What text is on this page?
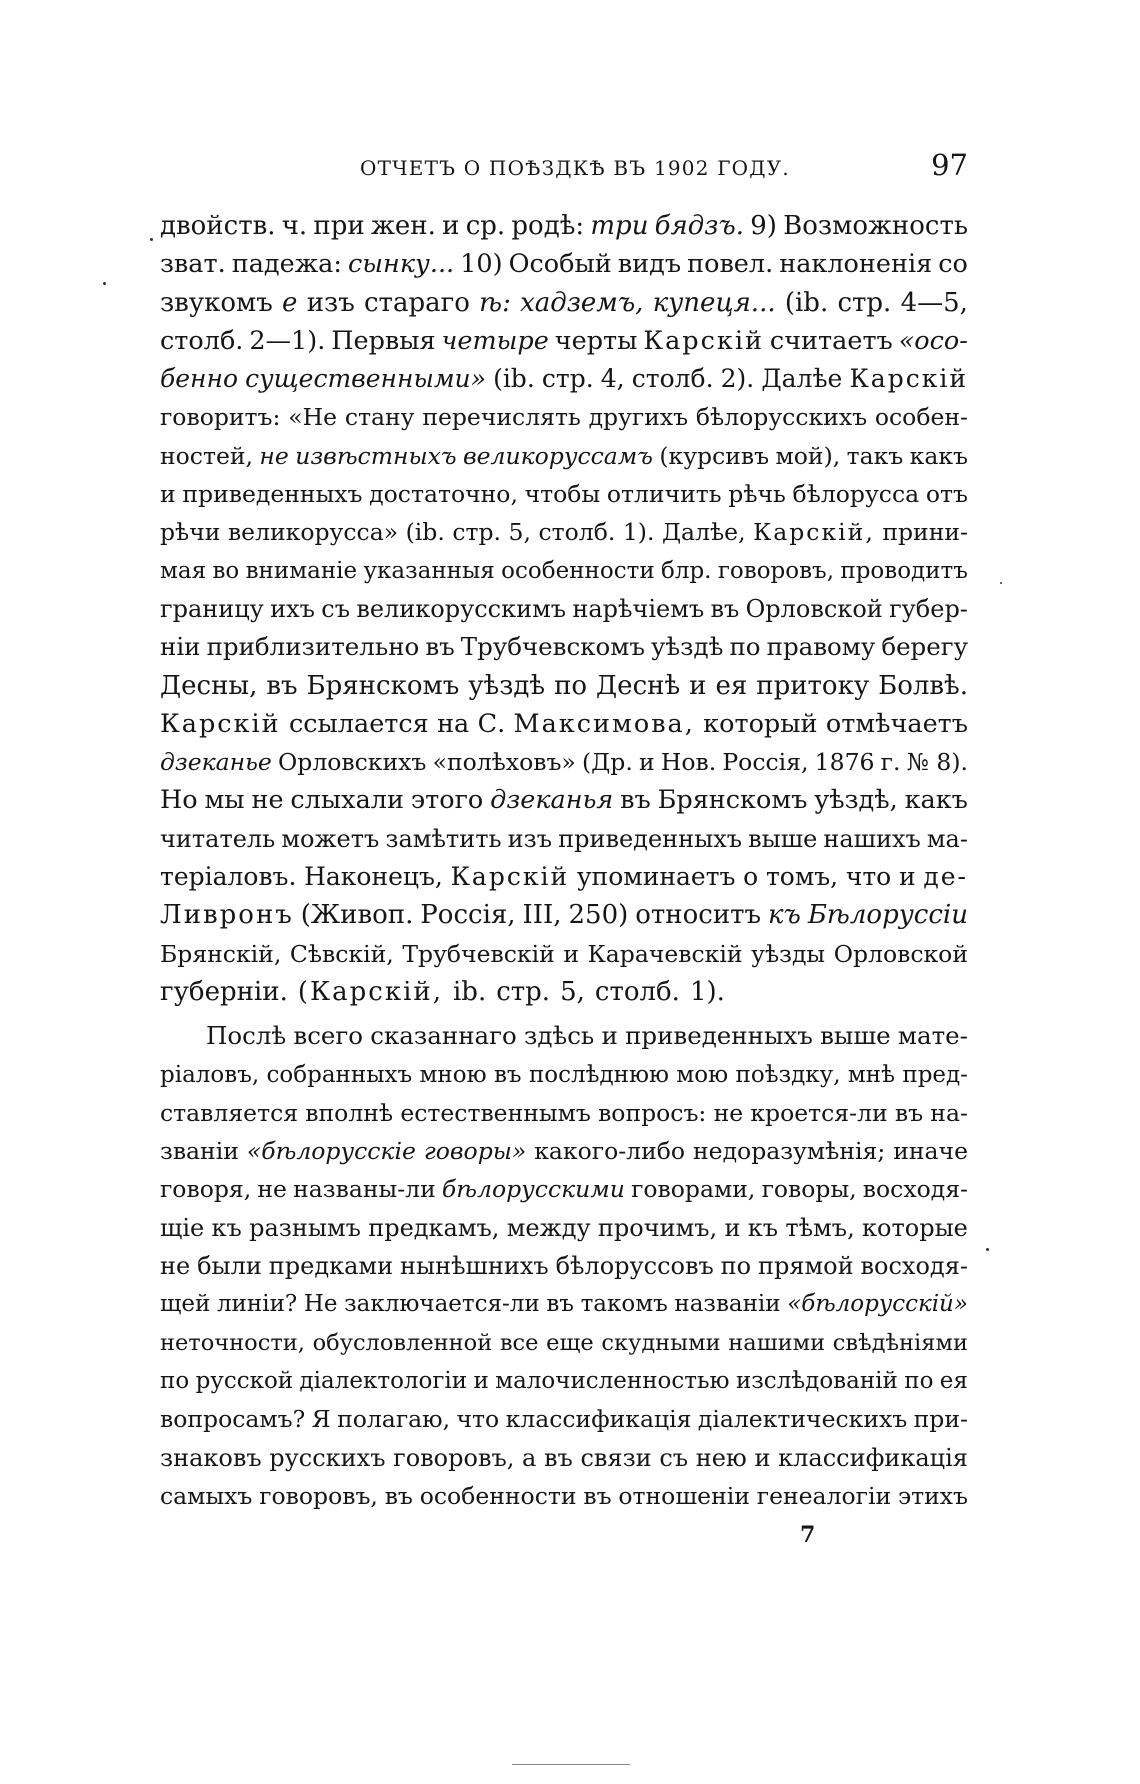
ОТЧЕТЪ О ПОѢЗДКѢ ВЪ 1902 ГОДУ.	97
двойств. ч. при жен. и ср. родѣ: три бядзъ. 9) Возможность
зват. падежа: сынку... 10) Особый видъ повел. наклоненія со
звукомъ е изъ стараго ѣ: хадземъ, купеця... (ib. стр. 4—5,
столб. 2—1). Первыя четыре черты Карскій считаетъ «осо-
бенно существенными» (ib. стр. 4, столб. 2). Далѣе Карскій
говоритъ: «Не стану перечислять другихъ бѣлорусскихъ особен-
ностей, не извѣстныхъ великоруссамъ (курсивъ мой), такъ какъ
и приведенныхъ достаточно, чтобы отличить рѣчь бѣлорусса отъ
рѣчи великорусса» (ib. стр. 5, столб. 1). Далѣе, Карскій, прини-
мая во вниманіе указанныя особенности блр. говоровъ, проводитъ
границу ихъ съ великорусскимъ нарѣчіемъ въ Орловской губер-
ніи приблизительно въ Трубчевскомъ уѣздѣ по правому берегу
Десны, въ Брянскомъ уѣздѣ по Деснѣ и ея притоку Болвѣ.
Карскій ссылается на С. Максимова, который отмѣчаетъ
дзеканье Орловскихъ «полѣховъ» (Др. и Нов. Россія, 1876 г. № 8).
Но мы не слыхали этого дзеканья въ Брянскомъ уѣздѣ, какъ
читатель можетъ замѣтить изъ приведенныхъ выше нашихъ ма-
теріаловъ. Наконецъ, Карскій упоминаетъ о томъ, что и де-
Ливронъ (Живоп. Россія, III, 250) относитъ къ Бѣлоруссіи
Брянскій, Сѣвскій, Трубчевскій и Карачевскій уѣзды Орловской
губерніи. (Карскій, ib. стр. 5, столб. 1).
Послѣ всего сказаннаго здѣсь и приведенныхъ выше мате-
ріаловъ, собранныхъ мною въ послѣднюю мою поѣздку, мнѣ пред-
ставляется вполнѣ естественнымъ вопросъ: не кроется-ли въ на-
званіи «бѣлорусскіе говоры» какого-либо недоразумѣнія; иначе
говоря, не названы-ли бѣлорусскими говорами, говоры, восходя-
щіе къ разнымъ предкамъ, между прочимъ, и къ тѣмъ, которые
не были предками нынѣшнихъ бѣлоруссовъ по прямой восходя-
щей линіи? Не заключается-ли въ такомъ названіи «бѣлорусскій»
неточности, обусловленной все еще скудными нашими свѣдѣніями
по русской діалектологіи и малочисленностью изслѣдованій по ея
вопросамъ? Я полагаю, что классификація діалектическихъ при-
знаковъ русскихъ говоровъ, а въ связи съ нею и классификація
самыхъ говоровъ, въ особенности въ отношеніи генеалогіи этихъ
7
